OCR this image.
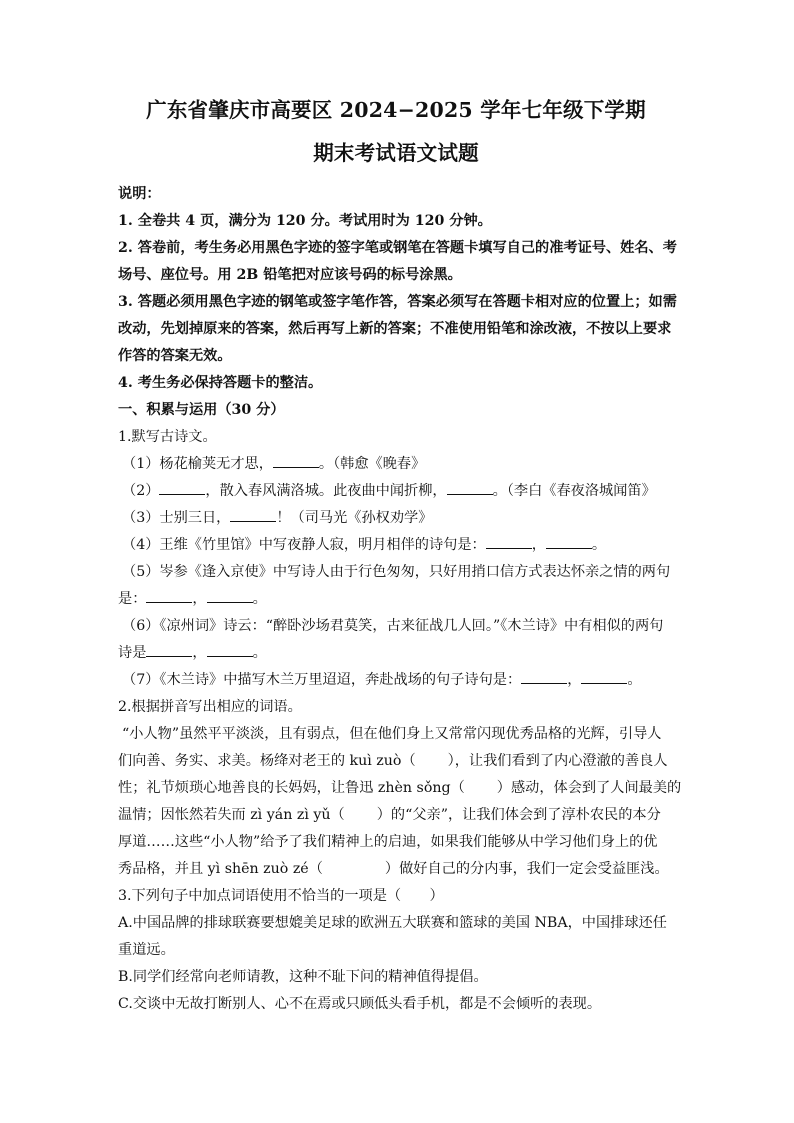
广东省肇庆市高要区 2024−2025 学年七年级下学期
期末考试语文试题
说明：
1. 全卷共 4 页，满分为 120 分。考试用时为 120 分钟。
2. 答卷前，考生务必用黑色字迹的签字笔或钢笔在答题卡填写自己的准考证号、姓名、考
场号、座位号。用 2B 铅笔把对应该号码的标号涂黑。
3. 答题必须用黑色字迹的钢笔或签字笔作答，答案必须写在答题卡相对应的位置上；如需
改动，先划掉原来的答案，然后再写上新的答案；不准使用铅笔和涂改液，不按以上要求
作答的答案无效。
4. 考生务必保持答题卡的整洁。
一、积累与运用（30 分）
1.默写古诗文。
（1）杨花榆荚无才思，	。（韩愈《晚春》
（2）	，散入春风满洛城。此夜曲中闻折柳，	。（李白《春夜洛城闻笛》
（3）士别三日，	！（司马光《孙权劝学》
（4）王维《竹里馆》中写夜静人寂，明月相伴的诗句是：	，	。
（5）岑参《逢入京使》中写诗人由于行色匆匆，只好用捎口信方式表达怀亲之情的两句
是：	，	。
（6）《凉州词》诗云：“醉卧沙场君莫笑，古来征战几人回。”《木兰诗》中有相似的两句
诗是	，	。
（7）《木兰诗》中描写木兰万里迢迢，奔赴战场的句子诗句是：	，	。
2.根据拼音写出相应的词语。
“小人物”虽然平平淡淡，且有弱点，但在他们身上又常常闪现优秀品格的光辉，引导人
们向善、务实、求美。杨绛对老王的 kuì zuò（ ），让我们看到了内心澄澈的善良人
性；礼节烦琐心地善良的长妈妈，让鲁迅 zhèn sǒng（ ）感动，体会到了人间最美的
温情；因怅然若失而 zì yán zì yǔ（ ）的“父亲”，让我们体会到了淳朴农民的本分
厚道……这些“小人物”给予了我们精神上的启迪，如果我们能够从中学习他们身上的优
秀品格，并且 yì shēn zuò zé（	）做好自己的分内事，我们一定会受益匪浅。
3.下列句子中加点词语使用不恰当的一项是（　　）
A.中国品牌的排球联赛要想媲美足球的欧洲五大联赛和篮球的美国 NBA，中国排球还任
重道远。
B.同学们经常向老师请教，这种不耻下问的精神值得提倡。
C.交谈中无故打断别人、心不在焉或只顾低头看手机，都是不会倾听的表现。
